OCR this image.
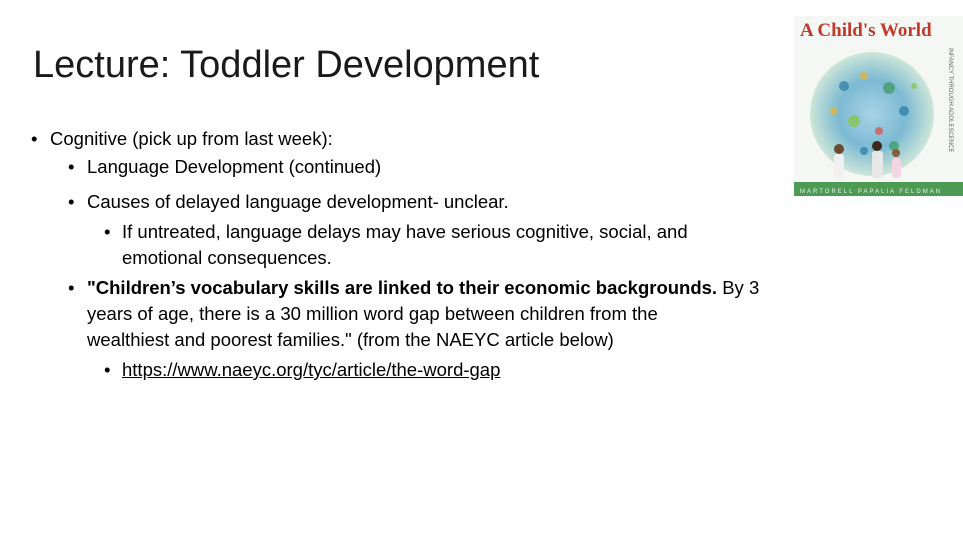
Lecture: Toddler Development
• Cognitive (pick up from last week):
• Language Development (continued)
• Causes of delayed language development- unclear.
• If untreated, language delays may have serious cognitive, social, and
emotional consequences.
• "Children’s vocabulary skills are linked to their economic backgrounds. By 3
years of age, there is a 30 million word gap between children from the
wealthiest and poorest families." (from the NAEYC article below)
• https://www.naeyc.org/tyc/article/the-word-gap
A Child's World
INFANCY THROUGH ADOLESCENCE
MARTORELL PAPALIA FELDMAN
